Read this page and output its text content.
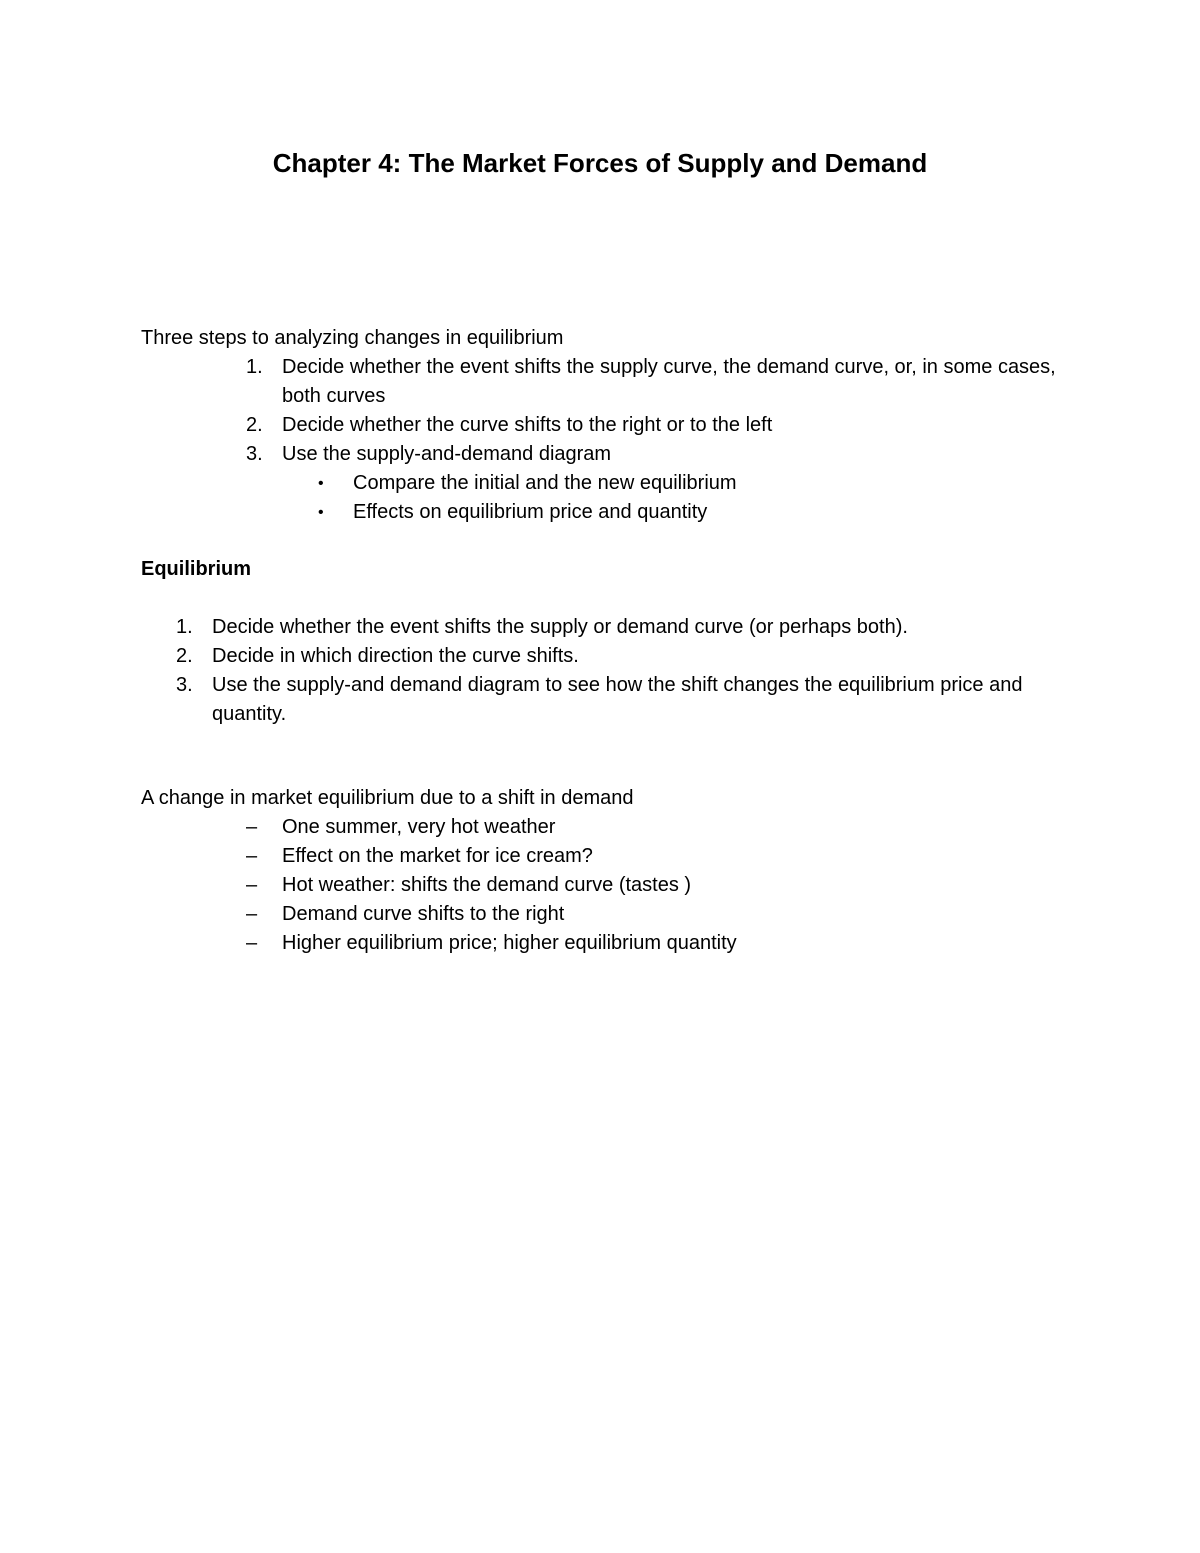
Chapter 4: The Market Forces of Supply and Demand

Three steps to analyzing changes in equilibrium

1. Decide whether the event shifts the supply curve, the demand curve, or, in some cases, both curves
2. Decide whether the curve shifts to the right or to the left
3. Use the supply-and-demand diagram
• Compare the initial and the new equilibrium
• Effects on equilibrium price and quantity

Equilibrium

1. Decide whether the event shifts the supply or demand curve (or perhaps both).
2. Decide in which direction the curve shifts.
3. Use the supply-and demand diagram to see how the shift changes the equilibrium price and quantity.

A change in market equilibrium due to a shift in demand

– One summer, very hot weather
– Effect on the market for ice cream?
– Hot weather: shifts the demand curve (tastes )
– Demand curve shifts to the right
– Higher equilibrium price; higher equilibrium quantity
